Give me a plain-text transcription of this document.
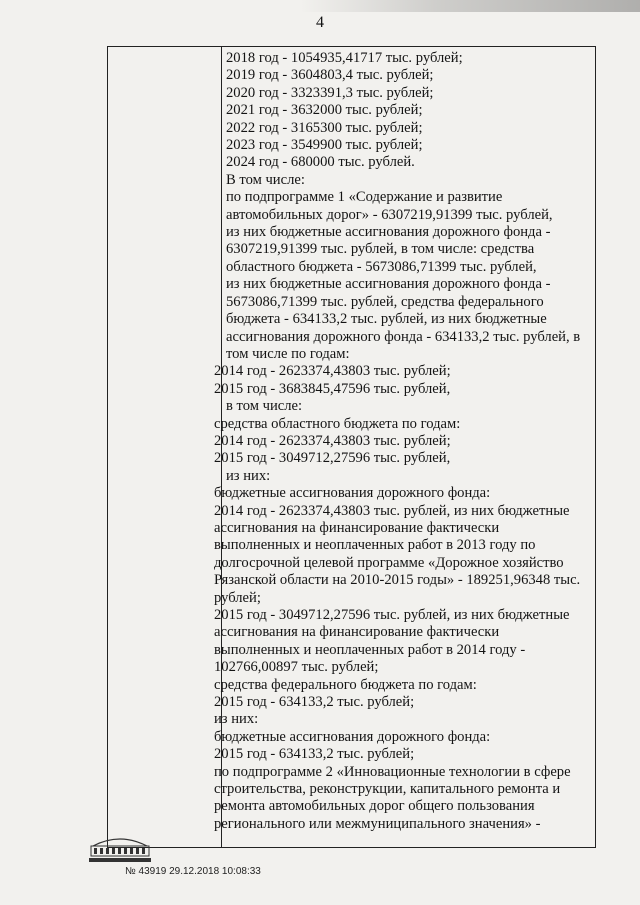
4
2018 год - 1054935,41717 тыс. рублей;
2019 год - 3604803,4 тыс. рублей;
2020 год - 3323391,3 тыс. рублей;
2021 год - 3632000 тыс. рублей;
2022 год - 3165300 тыс. рублей;
2023 год - 3549900 тыс. рублей;
2024 год - 680000 тыс. рублей.
В том числе:
по подпрограмме 1 «Содержание и развитие
автомобильных дорог» - 6307219,91399 тыс. рублей,
из них бюджетные ассигнования дорожного фонда -
6307219,91399 тыс. рублей, в том числе: средства
областного бюджета - 5673086,71399 тыс. рублей,
из них бюджетные ассигнования дорожного фонда -
5673086,71399 тыс. рублей, средства федерального
бюджета - 634133,2 тыс. рублей, из них бюджетные
ассигнования дорожного фонда - 634133,2 тыс. рублей, в
том числе по годам:
2014 год - 2623374,43803 тыс. рублей;
2015 год - 3683845,47596 тыс. рублей,
в том числе:
средства областного бюджета по годам:
2014 год - 2623374,43803 тыс. рублей;
2015 год - 3049712,27596 тыс. рублей,
из них:
бюджетные ассигнования дорожного фонда:
2014 год - 2623374,43803 тыс. рублей, из них бюджетные
ассигнования на финансирование фактически
выполненных и неоплаченных работ в 2013 году по
долгосрочной целевой программе «Дорожное хозяйство
Рязанской области на 2010-2015 годы» - 189251,96348 тыс.
рублей;
2015 год - 3049712,27596 тыс. рублей, из них бюджетные
ассигнования на финансирование фактически
выполненных и неоплаченных работ в 2014 году -
102766,00897 тыс. рублей;
средства федерального бюджета по годам:
2015 год - 634133,2 тыс. рублей;
из них:
бюджетные ассигнования дорожного фонда:
2015 год - 634133,2 тыс. рублей;
по подпрограмме 2 «Инновационные технологии в сфере
строительства, реконструкции, капитального ремонта и
ремонта автомобильных дорог общего пользования
регионального или межмуниципального значения» -
№ 43919 29.12.2018 10:08:33
